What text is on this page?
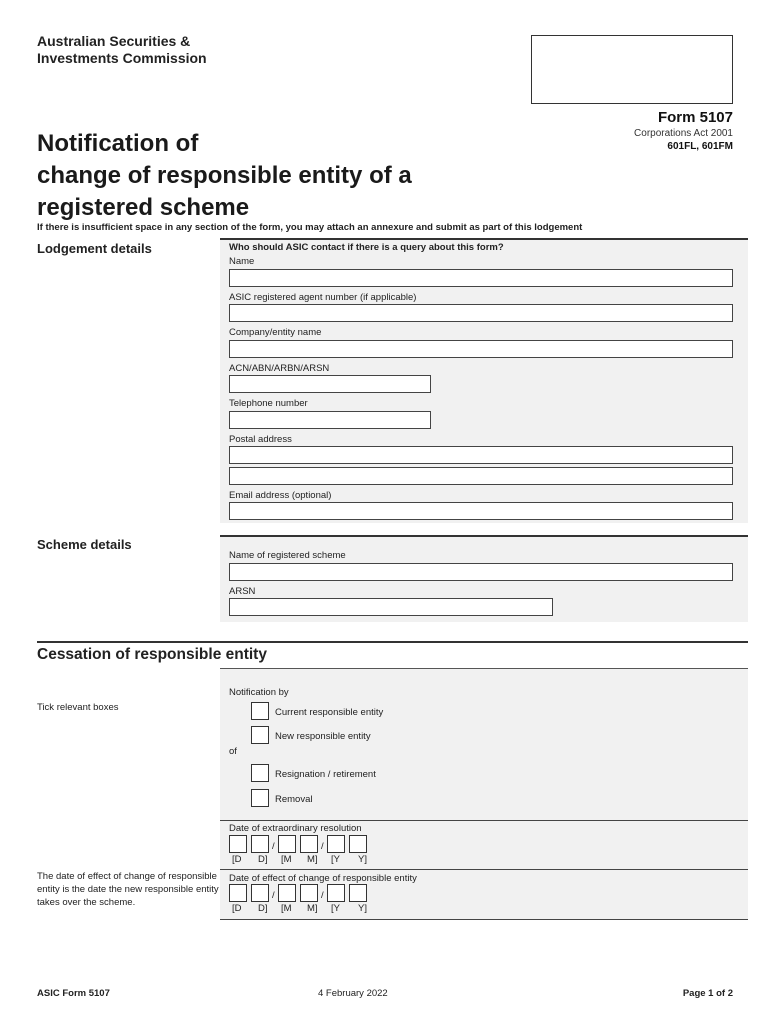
Australian Securities &
Investments Commission
Form 5107
Corporations Act 2001
601FL, 601FM
Notification of
change of responsible entity of a
registered scheme
If there is insufficient space in any section of the form, you may attach an annexure and submit as part of this lodgement
Lodgement details	Who should ASIC contact if there is a query about this form?
Name
ASIC registered agent number (if applicable)
Company/entity name
ACN/ABN/ARBN/ARSN
Telephone number
Postal address
Email address (optional)
Scheme details
Name of registered scheme
ARSN
Cessation of responsible entity
Tick relevant boxes
Notification by
Current responsible entity
New responsible entity
of
Resignation / retirement
Removal
Date of extraordinary resolution
/	/
[D D] [M M] [Y Y]
The date of effect of change of responsible entity is the date the new responsible entity takes over the scheme.
Date of effect of change of responsible entity
/	/
[D D] [M M] [Y Y]
ASIC Form 5107	4 February 2022	Page 1 of 2
